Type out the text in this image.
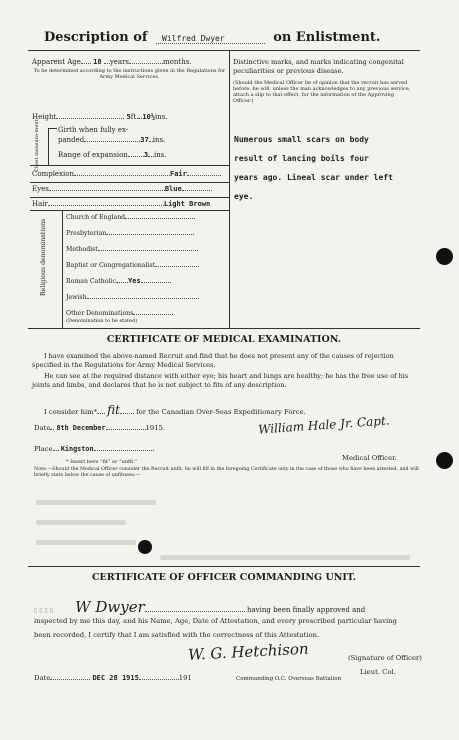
Description of Wilfred Dwyer	on Enlistment.
Apparent Age 18 years	months.
To be determined according to the instructions given in the Regulations for Army Medical Services.
Height	5ft. 10½ins.
Chest measure-ment	Girth when fully ex-
panded	37 ins.
Range of expansion 3 ins.
Complexion	Fair
Eyes	Blue
Hair	Light Brown
Religious denominations
Church of England
Presbyterian
Methodist
Baptist or Congregationalist
Roman Catholic Yes
Jewish
Other Denominations
(Denomination to be stated)
Distinctive marks, and marks indicating congenital peculiarities or previous disease.
(Should the Medical Officer be of opinion that the recruit has served before, he will, unless the man acknowledges to any previous service, attach a slip to that effect, for the information of the Approving Officer.)
Numerous small scars on body
result of lancing boils four
years ago. Lineal scar under left
eye.
CERTIFICATE OF MEDICAL EXAMINATION.
I have examined the above-named Recruit and find that he does not present any of the causes of rejection specified in the Regulations for Army Medical Services.
He can see at the required distance with either eye; his heart and lungs are healthy; he has the free use of his joints and limbs, and declares that he is not subject to fits of any description.
I consider him* fit for the Canadian Over-Seas Expeditionary Force.
Date 8th December	1915.	William Hale Jr. Capt.
Place Kingston
Medical Officer.
* Insert here “fit” or “unfit.”
Note.—Should the Medical Officer consider the Recruit unfit, he will fill in the foregoing Certificate only in the case of those who have been attested, and will briefly state below the cause of unfitness:—
CERTIFICATE OF OFFICER COMMANDING UNIT.
▯ ▯ ▯ ▯ W Dwyer	having been finally approved and
inspected by me this day, and his Name, Age, Date of Attestation, and every prescribed particular having
been recorded, I certify that I am satisfied with the correctness of this Attestation.
W. G. Hetchison	(Signature of Officer)
Lieut. Col.
Date	DEC 28 1915	191	Commanding O.C. Overseas Battalion
